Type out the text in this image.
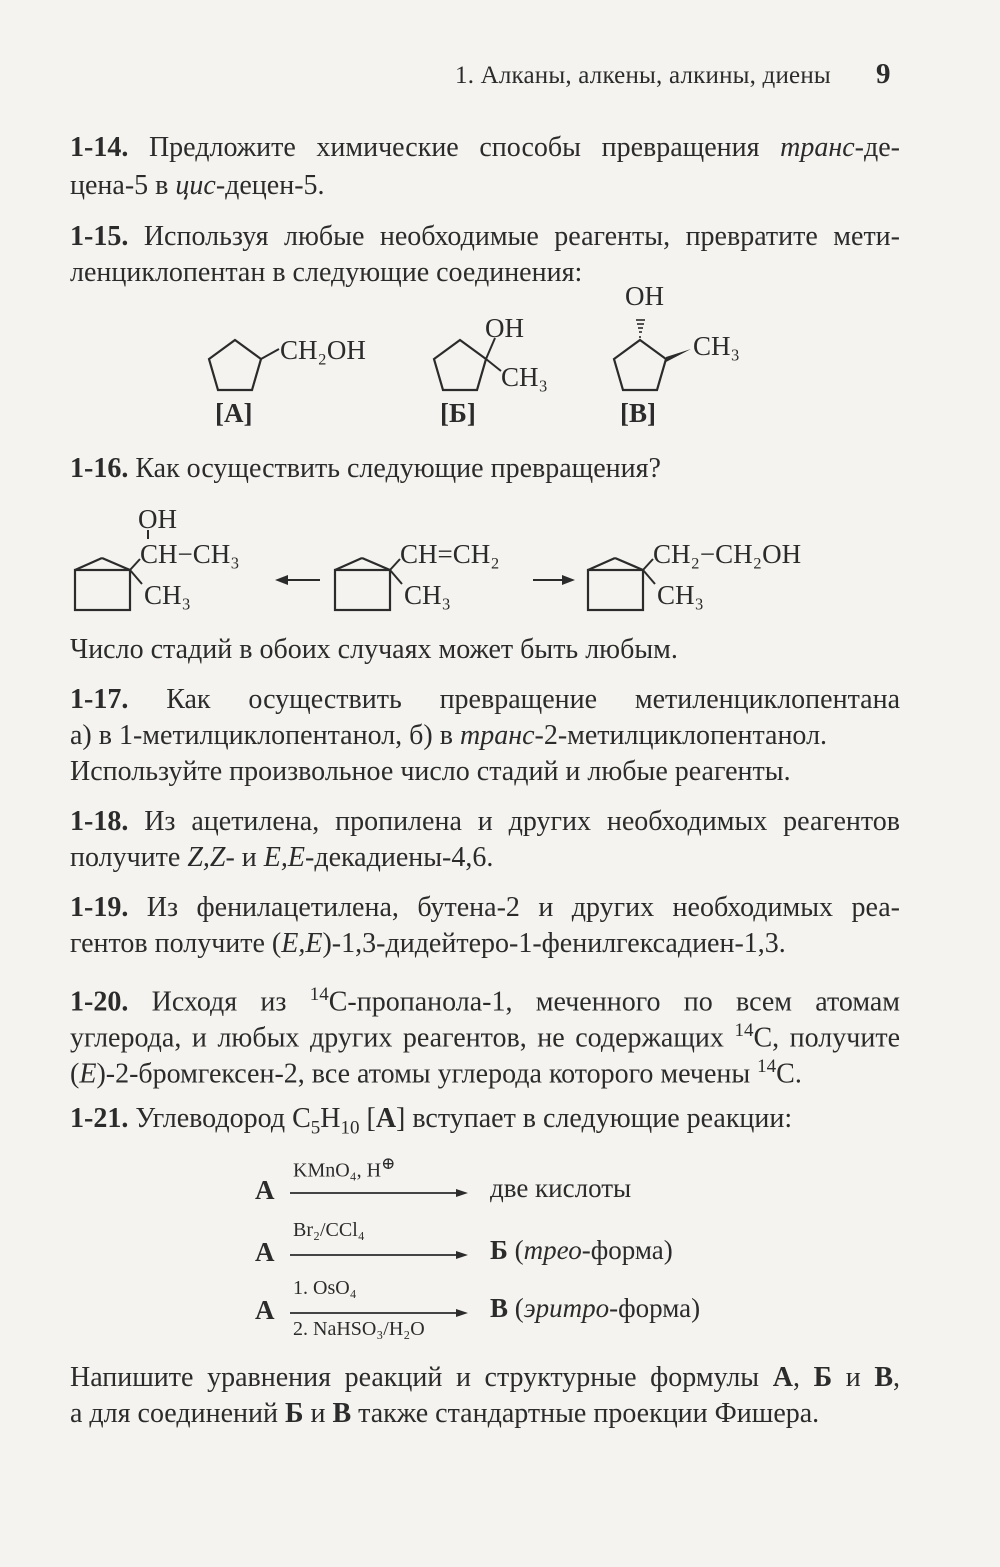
1. Алканы, алкены, алкины, диены 9
1-14. Предложите химические способы превращения транс-де-
цена-5 в цис-децен-5.
1-15. Используя любые необходимые реагенты, превратите мети-
ленциклопентан в следующие соединения:
CH₂OH
[А]
OH
CH₃
[Б]
OH
CH₃
[В]
1-16. Как осуществить следующие превращения?
OH
CH−CH₃
CH₃
CH=CH₂
CH₃
CH₂−CH₂OH
CH₃
Число стадий в обоих случаях может быть любым.
1-17. Как осуществить превращение метиленциклопентана
а) в 1-метилциклопентанол, б) в транс-2-метилциклопентанол.
Используйте произвольное число стадий и любые реагенты.
1-18. Из ацетилена, пропилена и других необходимых реагентов
получите Z,Z- и E,E-декадиены-4,6.
1-19. Из фенилацетилена, бутена-2 и других необходимых реа-
гентов получите (E,E)-1,3-дидейтеро-1-фенилгексадиен-1,3.
1-20. Исходя из $^{14}$С-пропанола-1, меченного по всем атомам
углерода, и любых других реагентов, не содержащих $^{14}$С, получите
(E)-2-бромгексен-2, все атомы углерода которого мечены $^{14}$С.
1-21. Углеводород $C_5H_{10}$ [А] вступает в следующие реакции:
А
KMnO₄, H⊕
две кислоты
А
Br₂/CCl₄
Б (трео-форма)
А
1. OsO₄
2. NaHSO₃/H₂O
В (эритро-форма)
Напишите уравнения реакций и структурные формулы А, Б и В,
а для соединений Б и В также стандартные проекции Фишера.
